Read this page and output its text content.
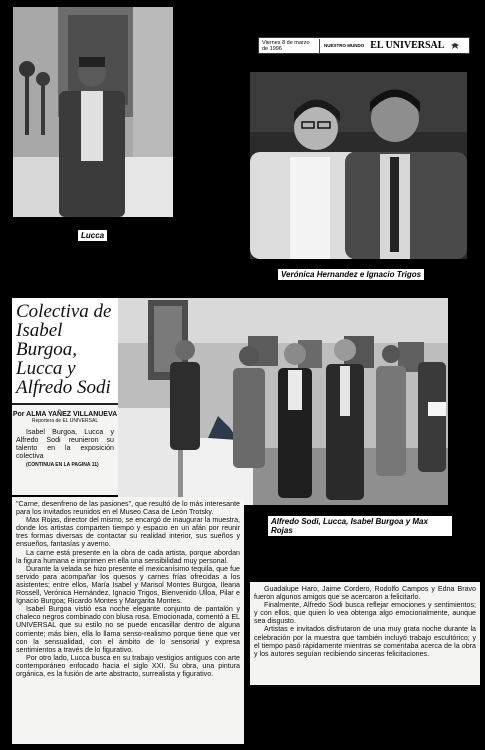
Lucca
Viernes 8 de marzo de 1996	NUESTRO MUNDO EL UNIVERSAL
Verónica Hernandez e Ignacio Trigos
Colectiva de Isabel Burgoa, Lucca y Alfredo Sodi
Por ALMA YAÑEZ VILLANUEVA
Reportera de EL UNIVERSAL

Isabel Burgoa, Lucca y Alfredo Sodi reunieron su talento en la exposición colectiva

(CONTINUA EN LA PAGINA 11)
Alfredo Sodi, Lucca, Isabel Burgoa y Max Rojas

"Carne, desenfreno de las pasiones", que resultó de lo más interesante para los invitados reunidos en el Museo Casa de León Trotsky.

Max Rojas, director del mismo, se encargó de inaugurar la muestra, donde los artistas comparten tiempo y espacio en un afán por reunir tres formas diversas de contactar su realidad interior, sus sueños y ensueños, fantasías y averno.

La carne está presente en la obra de cada artista, porque abordan la figura humana e imprimen en ella una sensibilidad muy personal.

Durante la velada se hizo presente el mexicanísimo tequila, que fue servido para acompañar los quesos y carnes frías ofrecidas a los asistentes; entre ellos, María Isabel y Marisol Montes Burgoa, Ileana Rossell, Verónica Hernández, Ignacio Trigos, Bienvenido Ulloa, Pilar e Ignacio Burgoa; Ricardo Montes y Margarita Montes.

Isabel Burgoa vistió esa noche elegante conjunto de pantalón y chaleco negros combinado con blusa rosa. Emocionada, comentó a EL UNIVERSAL que su estilo no se puede encasillar dentro de alguna corriente; más bien, ella lo llama senso-realismo porque tiene que ver con la sensualidad, con el ámbito de lo sensorial y expresa sentimientos a través de lo figurativo.

Por otro lado, Lucca busca en su trabajo vestigios antiguos con arte contemporáneo enfocado hacia el siglo XXI. Su obra, una pintura orgánica, es la fusión de arte abstracto, surrealista y figurativo.

Guadalupe Haro, Jaime Cordero, Rodolfo Campos y Edna Bravo fueron algunos amigos que se acercaron a felicitarlo.

Finalmente, Alfredo Sodi busca reflejar emociones y sentimientos; y con ellos, que quien lo vea obtenga algo emocionalmente, aunque sea disgusto.

Artistas e invitados disfrutaron de una muy grata noche durante la celebración por la muestra que también incluyó trabajo escultórico; y el tiempo pasó rápidamente mientras se comentaba acerca de la obra y los autores seguían recibiendo sinceras felicitaciones.
